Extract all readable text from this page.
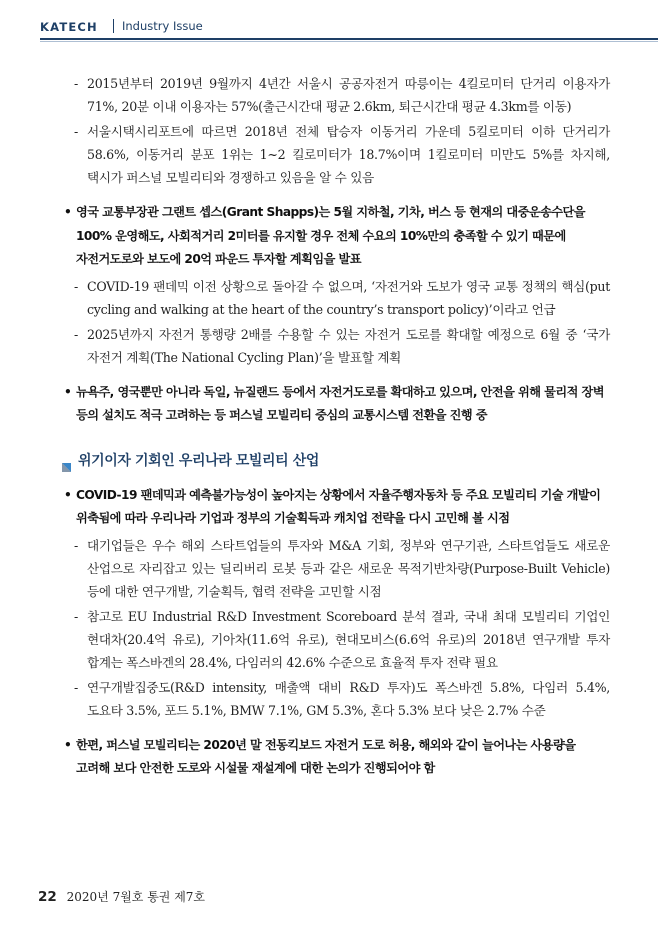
KATECH Industry Issue
- 2015년부터 2019년 9월까지 4년간 서울시 공공자전거 따릉이는 4킬로미터 단거리 이용자가 71%, 20분 이내 이용자는 57%(출근시간대 평균 2.6km, 퇴근시간대 평균 4.3km를 이동)
- 서울시택시리포트에 따르면 2018년 전체 탑승자 이동거리 가운데 5킬로미터 이하 단거리가 58.6%, 이동거리 분포 1위는 1~2 킬로미터가 18.7%이며 1킬로미터 미만도 5%를 차지해, 택시가 퍼스널 모빌리티와 경쟁하고 있음을 알 수 있음
• 영국 교통부장관 그랜트 셉스(Grant Shapps)는 5월 지하철, 기차, 버스 등 현재의 대중운송수단을 100% 운영해도, 사회적거리 2미터를 유지할 경우 전체 수요의 10%만의 충족할 수 있기 때문에 자전거도로와 보도에 20억 파운드 투자할 계획임을 발표
- COVID-19 팬데믹 이전 상황으로 돌아갈 수 없으며, ‘자전거와 도보가 영국 교통 정책의 핵심(put cycling and walking at the heart of the country’s transport policy)’이라고 언급
- 2025년까지 자전거 통행량 2배를 수용할 수 있는 자전거 도로를 확대할 예정으로 6월 중 ‘국가 자전거 계획(The National Cycling Plan)’을 발표할 계획
• 뉴욕주, 영국뿐만 아니라 독일, 뉴질랜드 등에서 자전거도로를 확대하고 있으며, 안전을 위해 물리적 장벽 등의 설치도 적극 고려하는 등 퍼스널 모빌리티 중심의 교통시스템 전환을 진행 중
위기이자 기회인 우리나라 모빌리티 산업
• COVID-19 팬데믹과 예측불가능성이 높아지는 상황에서 자율주행자동차 등 주요 모빌리티 기술 개발이 위축됨에 따라 우리나라 기업과 정부의 기술획득과 캐치업 전략을 다시 고민해 볼 시점
- 대기업들은 우수 해외 스타트업들의 투자와 M&A 기회, 정부와 연구기관, 스타트업들도 새로운 산업으로 자리잡고 있는 딜리버리 로봇 등과 같은 새로운 목적기반차량(Purpose-Built Vehicle) 등에 대한 연구개발, 기술획득, 협력 전략을 고민할 시점
- 참고로 EU Industrial R&D Investment Scoreboard 분석 결과, 국내 최대 모빌리티 기업인 현대차(20.4억 유로), 기아차(11.6억 유로), 현대모비스(6.6억 유로)의 2018년 연구개발 투자 합계는 폭스바겐의 28.4%, 다임러의 42.6% 수준으로 효율적 투자 전략 필요
- 연구개발집중도(R&D intensity, 매출액 대비 R&D 투자)도 폭스바겐 5.8%, 다임러 5.4%, 도요타 3.5%, 포드 5.1%, BMW 7.1%, GM 5.3%, 혼다 5.3% 보다 낮은 2.7% 수준
• 한편, 퍼스널 모빌리티는 2020년 말 전동킥보드 자전거 도로 허용, 해외와 같이 늘어나는 사용량을 고려해 보다 안전한 도로와 시설물 재설계에 대한 논의가 진행되어야 함
22 2020년 7월호 통권 제7호
